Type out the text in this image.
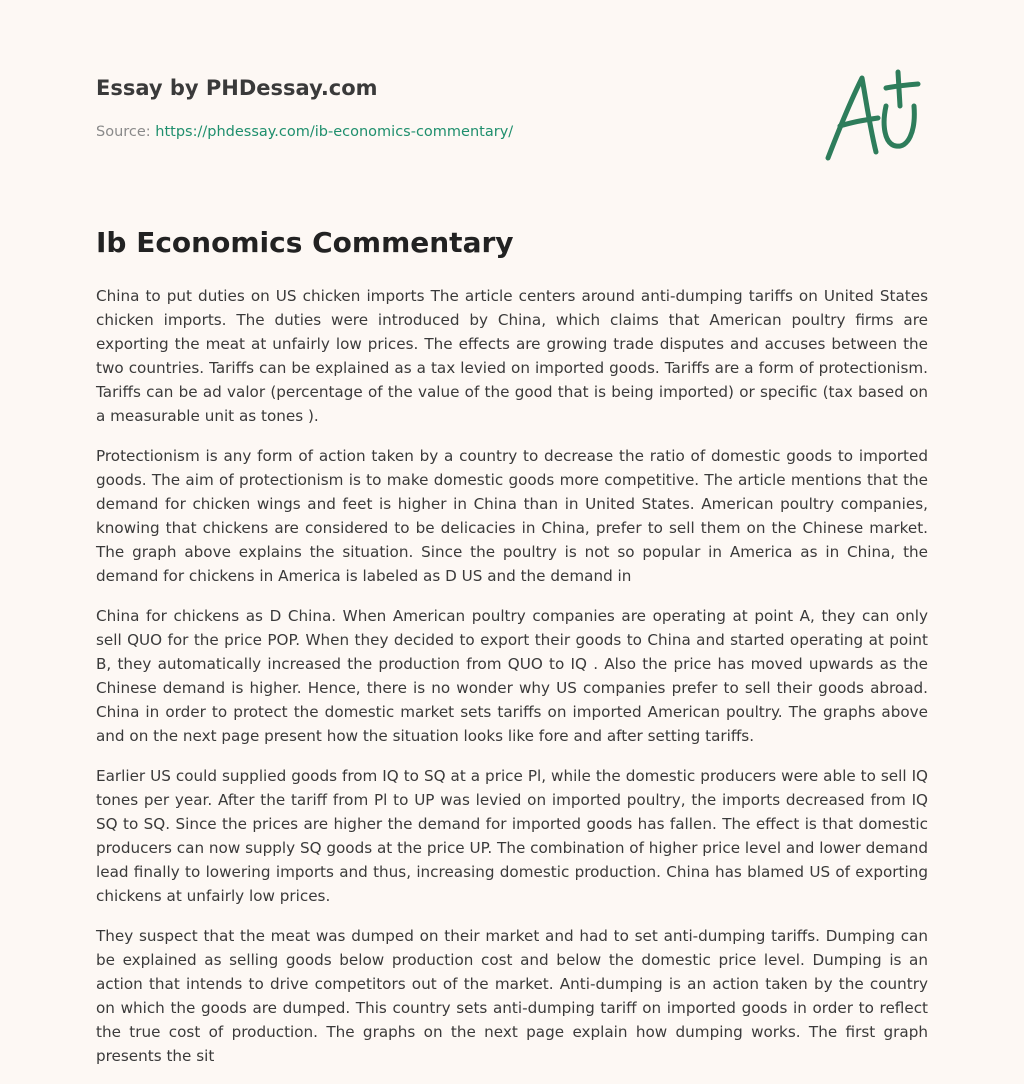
Essay by PHDessay.com
Source: https://phdessay.com/ib-economics-commentary/
Ib Economics Commentary

China to put duties on US chicken imports The article centers around anti-dumping tariffs on United States chicken imports. The duties were introduced by China, which claims that American poultry firms are exporting the meat at unfairly low prices. The effects are growing trade disputes and accuses between the two countries. Tariffs can be explained as a tax levied on imported goods. Tariffs are a form of protectionism. Tariffs can be ad valor (percentage of the value of the good that is being imported) or specific (tax based on a measurable unit as tones ).

Protectionism is any form of action taken by a country to decrease the ratio of domestic goods to imported goods. The aim of protectionism is to make domestic goods more competitive. The article mentions that the demand for chicken wings and feet is higher in China than in United States. American poultry companies, knowing that chickens are considered to be delicacies in China, prefer to sell them on the Chinese market. The graph above explains the situation. Since the poultry is not so popular in America as in China, the demand for chickens in America is labeled as D US and the demand in

China for chickens as D China. When American poultry companies are operating at point A, they can only sell QUO for the price POP. When they decided to export their goods to China and started operating at point B, they automatically increased the production from QUO to IQ . Also the price has moved upwards as the Chinese demand is higher. Hence, there is no wonder why US companies prefer to sell their goods abroad. China in order to protect the domestic market sets tariffs on imported American poultry. The graphs above and on the next page present how the situation looks like fore and after setting tariffs.

Earlier US could supplied goods from IQ to SQ at a price Pl, while the domestic producers were able to sell IQ tones per year. After the tariff from Pl to UP was levied on imported poultry, the imports decreased from IQ SQ to SQ. Since the prices are higher the demand for imported goods has fallen. The effect is that domestic producers can now supply SQ goods at the price UP. The combination of higher price level and lower demand lead finally to lowering imports and thus, increasing domestic production. China has blamed US of exporting chickens at unfairly low prices.

They suspect that the meat was dumped on their market and had to set anti-dumping tariffs. Dumping can be explained as selling goods below production cost and below the domestic price level. Dumping is an action that intends to drive competitors out of the market. Anti-dumping is an action taken by the country on which the goods are dumped. This country sets anti-dumping tariff on imported goods in order to reflect the true cost of production. The graphs on the next page explain how dumping works. The first graph presents the sit
